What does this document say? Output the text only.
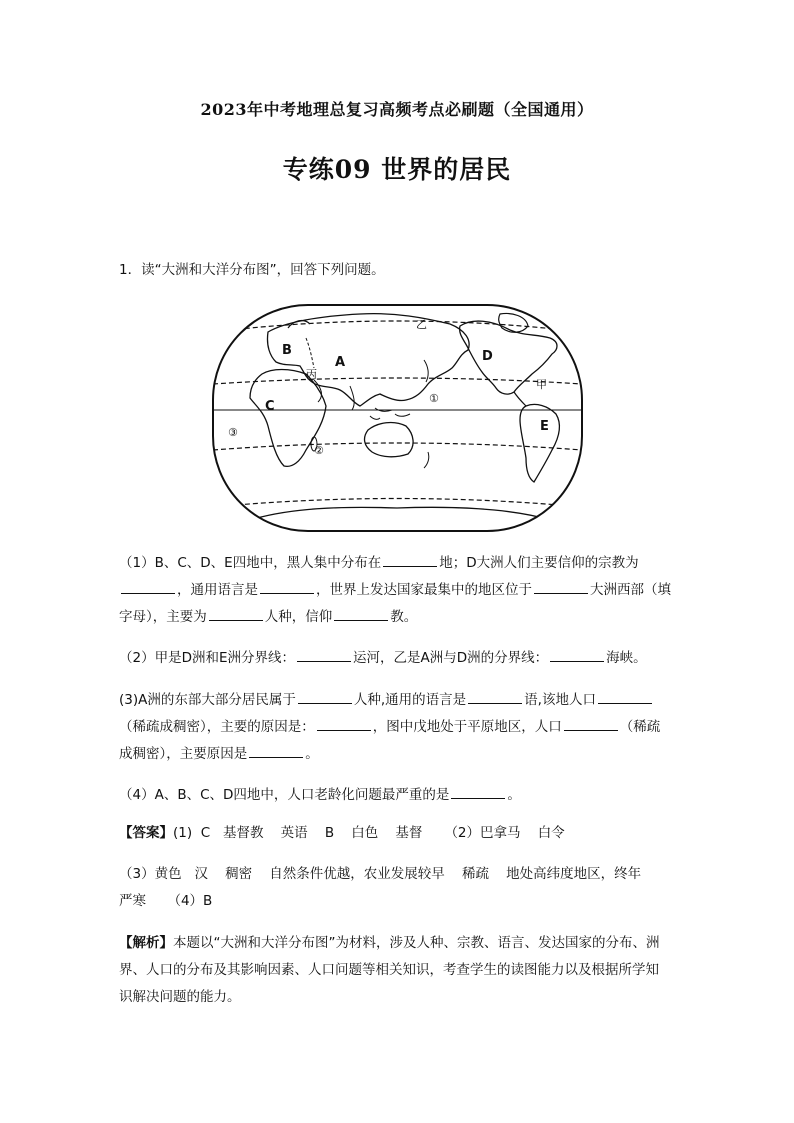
2023年中考地理总复习高频考点必刷题（全国通用）
专练09 世界的居民
1．读“大洲和大洋分布图”，回答下列问题。
B
A
C
D
E
丙
乙
甲
①
②
③
（1）B、C、D、E四地中，黑人集中分布在	地；D大洲人们主要信仰的宗教为
，通用语言是	，世界上发达国家最集中的地区位于	大洲西部（填
字母），主要为	人种，信仰	教。
（2）甲是D洲和E洲分界线：	运河，乙是A洲与D洲的分界线：	海峡。
(3)A洲的东部大部分居民属于	人种,通用的语言是	语,该地人口
（稀疏成稠密），主要的原因是：	，图中戊地处于平原地区，人口	（稀疏
成稠密），主要原因是	。
（4）A、B、C、D四地中，人口老龄化问题最严重的是	。
【答案】(1)  C   基督教    英语    B    白色    基督 （2）巴拿马    白令
（3）黄色   汉    稠密    自然条件优越，农业发展较早    稀疏    地处高纬度地区，终年
严寒     （4）B
【解析】本题以“大洲和大洋分布图”为材料，涉及人种、宗教、语言、发达国家的分布、洲
界、人口的分布及其影响因素、人口问题等相关知识，考查学生的读图能力以及根据所学知
识解决问题的能力。
